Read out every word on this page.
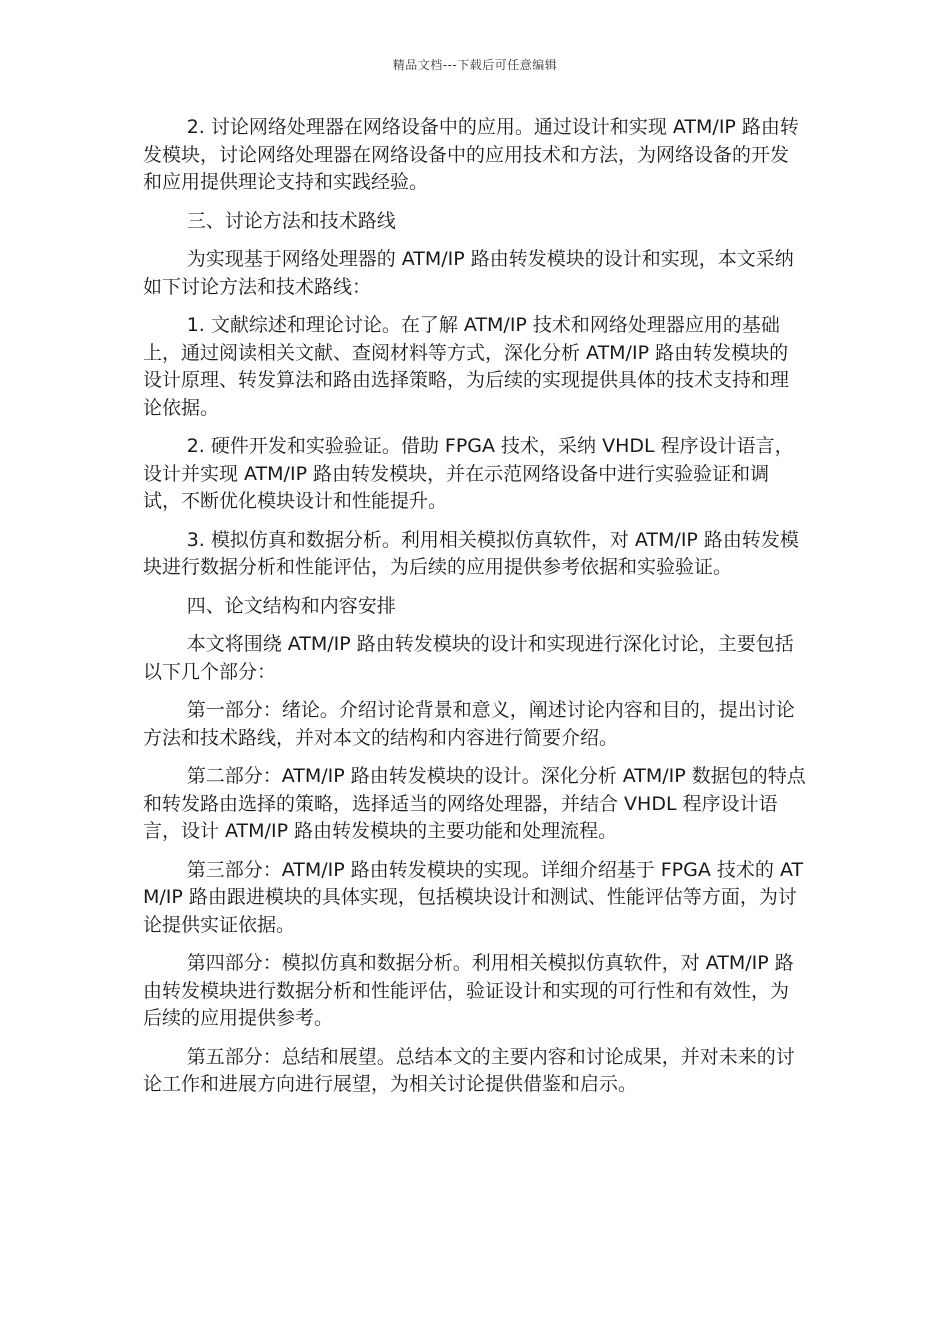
精品文档---下载后可任意编辑

2. 讨论网络处理器在网络设备中的应用。通过设计和实现 ATM/IP 路由转发模块，讨论网络处理器在网络设备中的应用技术和方法，为网络设备的开发和应用提供理论支持和实践经验。

三、讨论方法和技术路线

为实现基于网络处理器的 ATM/IP 路由转发模块的设计和实现，本文采纳如下讨论方法和技术路线：

1. 文献综述和理论讨论。在了解 ATM/IP 技术和网络处理器应用的基础上，通过阅读相关文献、查阅材料等方式，深化分析 ATM/IP 路由转发模块的设计原理、转发算法和路由选择策略，为后续的实现提供具体的技术支持和理论依据。

2. 硬件开发和实验验证。借助 FPGA 技术，采纳 VHDL 程序设计语言，设计并实现 ATM/IP 路由转发模块，并在示范网络设备中进行实验验证和调试，不断优化模块设计和性能提升。

3. 模拟仿真和数据分析。利用相关模拟仿真软件，对 ATM/IP 路由转发模块进行数据分析和性能评估，为后续的应用提供参考依据和实验验证。

四、论文结构和内容安排

本文将围绕 ATM/IP 路由转发模块的设计和实现进行深化讨论，主要包括以下几个部分：

第一部分：绪论。介绍讨论背景和意义，阐述讨论内容和目的，提出讨论方法和技术路线，并对本文的结构和内容进行简要介绍。

第二部分：ATM/IP 路由转发模块的设计。深化分析 ATM/IP 数据包的特点和转发路由选择的策略，选择适当的网络处理器，并结合 VHDL 程序设计语言，设计 ATM/IP 路由转发模块的主要功能和处理流程。

第三部分：ATM/IP 路由转发模块的实现。详细介绍基于 FPGA 技术的 ATM/IP 路由跟进模块的具体实现，包括模块设计和测试、性能评估等方面，为讨论提供实证依据。

第四部分：模拟仿真和数据分析。利用相关模拟仿真软件，对 ATM/IP 路由转发模块进行数据分析和性能评估，验证设计和实现的可行性和有效性，为后续的应用提供参考。

第五部分：总结和展望。总结本文的主要内容和讨论成果，并对未来的讨论工作和进展方向进行展望，为相关讨论提供借鉴和启示。
